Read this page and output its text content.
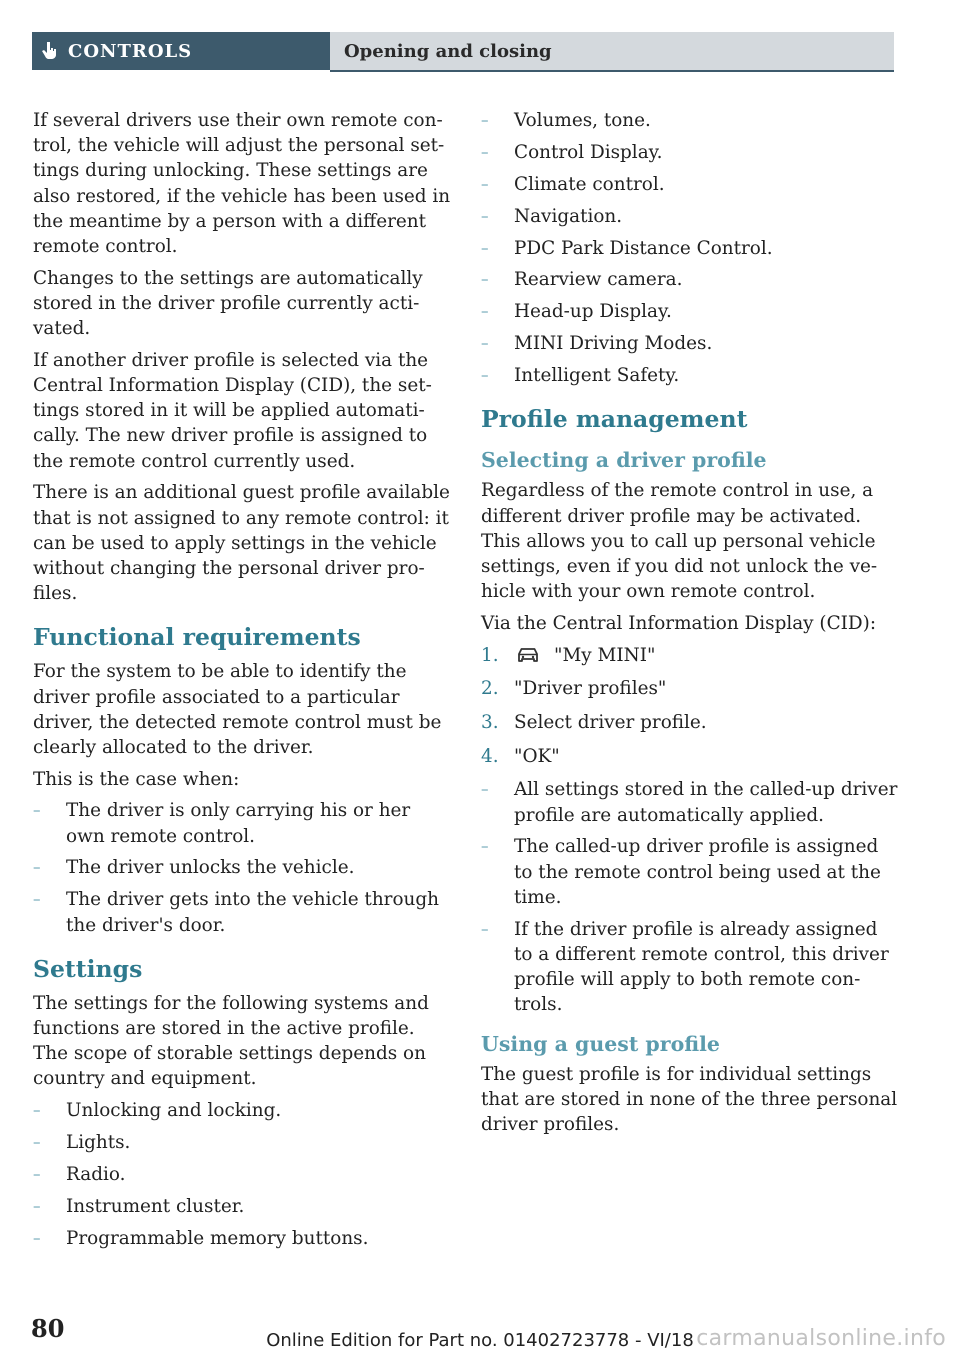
CONTROLS	Opening and closing

If several drivers use their own remote con-trol, the vehicle will adjust the personal set-tings during unlocking. These settings are also restored, if the vehicle has been used in the meantime by a person with a different remote control.

Changes to the settings are automatically stored in the driver profile currently acti-vated.

If another driver profile is selected via the Central Information Display (CID), the set-tings stored in it will be applied automati-cally. The new driver profile is assigned to the remote control currently used.

There is an additional guest profile available that is not assigned to any remote control: it can be used to apply settings in the vehicle without changing the personal driver pro-files.

Functional requirements

For the system to be able to identify the driver profile associated to a particular driver, the detected remote control must be clearly allocated to the driver.

This is the case when:

– The driver is only carrying his or her own remote control.
– The driver unlocks the vehicle.
– The driver gets into the vehicle through the driver's door.
Settings

The settings for the following systems and functions are stored in the active profile. The scope of storable settings depends on country and equipment.

– Unlocking and locking.
– Lights.
– Radio.
– Instrument cluster.
– Programmable memory buttons.
– Volumes, tone.
– Control Display.
– Climate control.
– Navigation.
– PDC Park Distance Control.
– Rearview camera.
– Head-up Display.
– MINI Driving Modes.
– Intelligent Safety.
Profile management
Selecting a driver profile

Regardless of the remote control in use, a different driver profile may be activated. This allows you to call up personal vehicle settings, even if you did not unlock the ve-hicle with your own remote control.

Via the Central Information Display (CID):

1.	"My MINI"
2. "Driver profiles"
3. Select driver profile.
4. "OK"
– All settings stored in the called-up driver profile are automatically applied.
– The called-up driver profile is assigned to the remote control being used at the time.
– If the driver profile is already assigned to a different remote control, this driver profile will apply to both remote con-trols.
Using a guest profile

The guest profile is for individual settings that are stored in none of the three personal driver profiles.

80	Online Edition for Part no. 01402723778 - VI/18 carmanualsonline.info
